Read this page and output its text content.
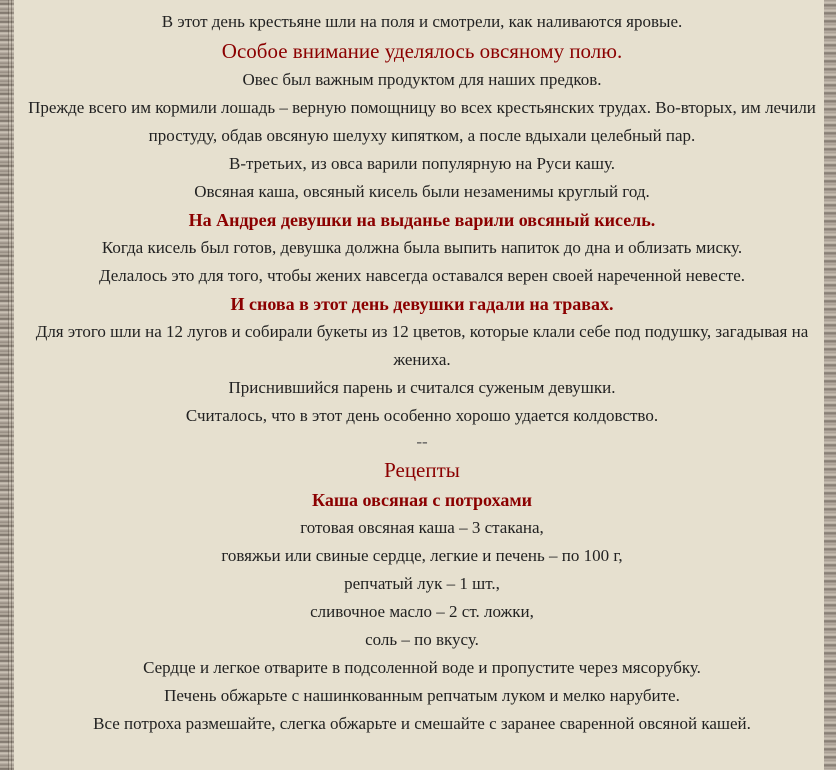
В этот день крестьяне шли на поля и смотрели, как наливаются яровые.

Особое внимание уделялось овсяному полю.

Овес был важным продуктом для наших предков.

Прежде всего им кормили лошадь – верную помощницу во всех крестьянских трудах. Во-вторых, им лечили простуду, обдав овсяную шелуху кипятком, а после вдыхали целебный пар.

В-третьих, из овса варили популярную на Руси кашу.

Овсяная каша, овсяный кисель были незаменимы круглый год.

На Андрея девушки на выданье варили овсяный кисель.

Когда кисель был готов, девушка должна была выпить напиток до дна и облизать миску.

Делалось это для того, чтобы жених навсегда оставался верен своей нареченной невесте.

И снова в этот день девушки гадали на травах.

Для этого шли на 12 лугов и собирали букеты из 12 цветов, которые клали себе под подушку, загадывая на жениха.

Приснившийся парень и считался суженым девушки.

Считалось, что в этот день особенно хорошо удается колдовство.

--

Рецепты

Каша овсяная с потрохами

готовая овсяная каша – 3 стакана,

говяжьи или свиные сердце, легкие и печень – по 100 г,

репчатый лук – 1 шт.,

сливочное масло – 2 ст. ложки,

соль – по вкусу.

Сердце и легкое отварите в подсоленной воде и пропустите через мясорубку.

Печень обжарьте с нашинкованным репчатым луком и мелко нарубите.

Все потроха размешайте, слегка обжарьте и смешайте с заранее сваренной овсяной кашей.
